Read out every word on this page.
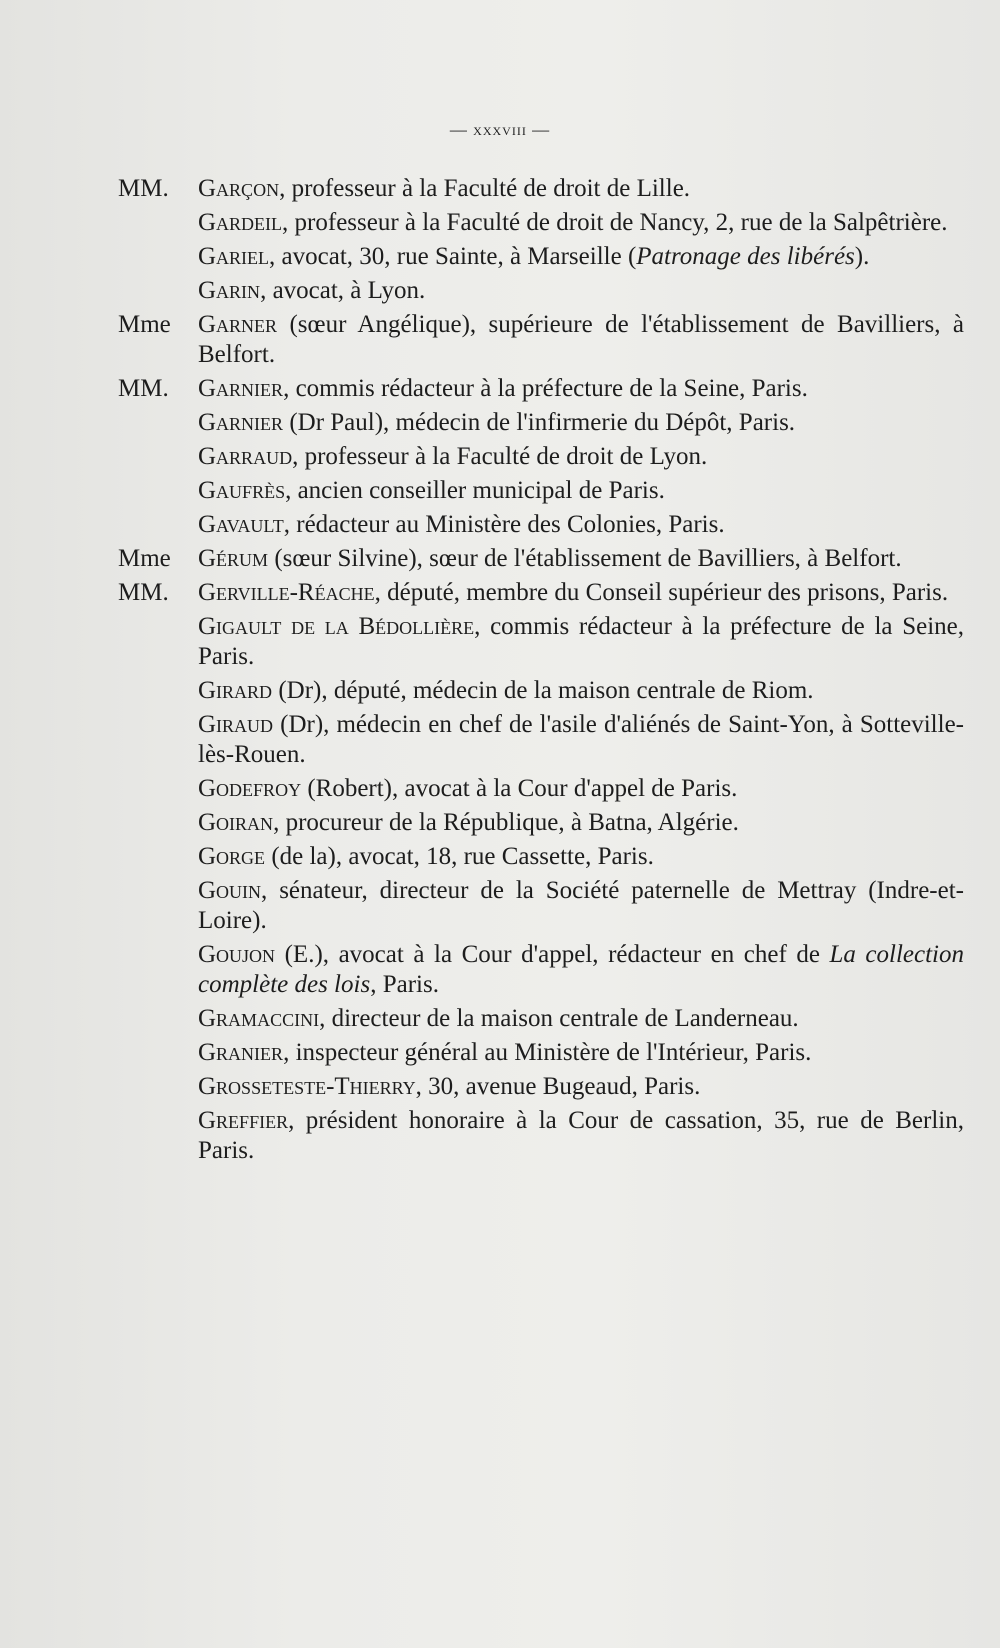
— xxxviii —
MM.	Garçon, professeur à la Faculté de droit de Lille.
Gardeil, professeur à la Faculté de droit de Nancy, 2, rue de la Salpêtrière.
Gariel, avocat, 30, rue Sainte, à Marseille (Patronage des libérés).
Garin, avocat, à Lyon.
Mme	Garner (sœur Angélique), supérieure de l'établissement de Bavilliers, à Belfort.
MM.	Garnier, commis rédacteur à la préfecture de la Seine, Paris.
Garnier (Dr Paul), médecin de l'infirmerie du Dépôt, Paris.
Garraud, professeur à la Faculté de droit de Lyon.
Gaufrès, ancien conseiller municipal de Paris.
Gavault, rédacteur au Ministère des Colonies, Paris.
Mme	Gérum (sœur Silvine), sœur de l'établissement de Bavilliers, à Belfort.
MM.	Gerville-Réache, député, membre du Conseil supérieur des prisons, Paris.
Gigault de la Bédollière, commis rédacteur à la préfecture de la Seine, Paris.
Girard (Dr), député, médecin de la maison centrale de Riom.
Giraud (Dr), médecin en chef de l'asile d'aliénés de Saint-Yon, à Sotteville-lès-Rouen.
Godefroy (Robert), avocat à la Cour d'appel de Paris.
Goiran, procureur de la République, à Batna, Algérie.
Gorge (de la), avocat, 18, rue Cassette, Paris.
Gouin, sénateur, directeur de la Société paternelle de Mettray (Indre-et-Loire).
Goujon (E.), avocat à la Cour d'appel, rédacteur en chef de La collection complète des lois, Paris.
Gramaccini, directeur de la maison centrale de Landerneau.
Granier, inspecteur général au Ministère de l'Intérieur, Paris.
Grosseteste-Thierry, 30, avenue Bugeaud, Paris.
Greffier, président honoraire à la Cour de cassation, 35, rue de Berlin, Paris.
